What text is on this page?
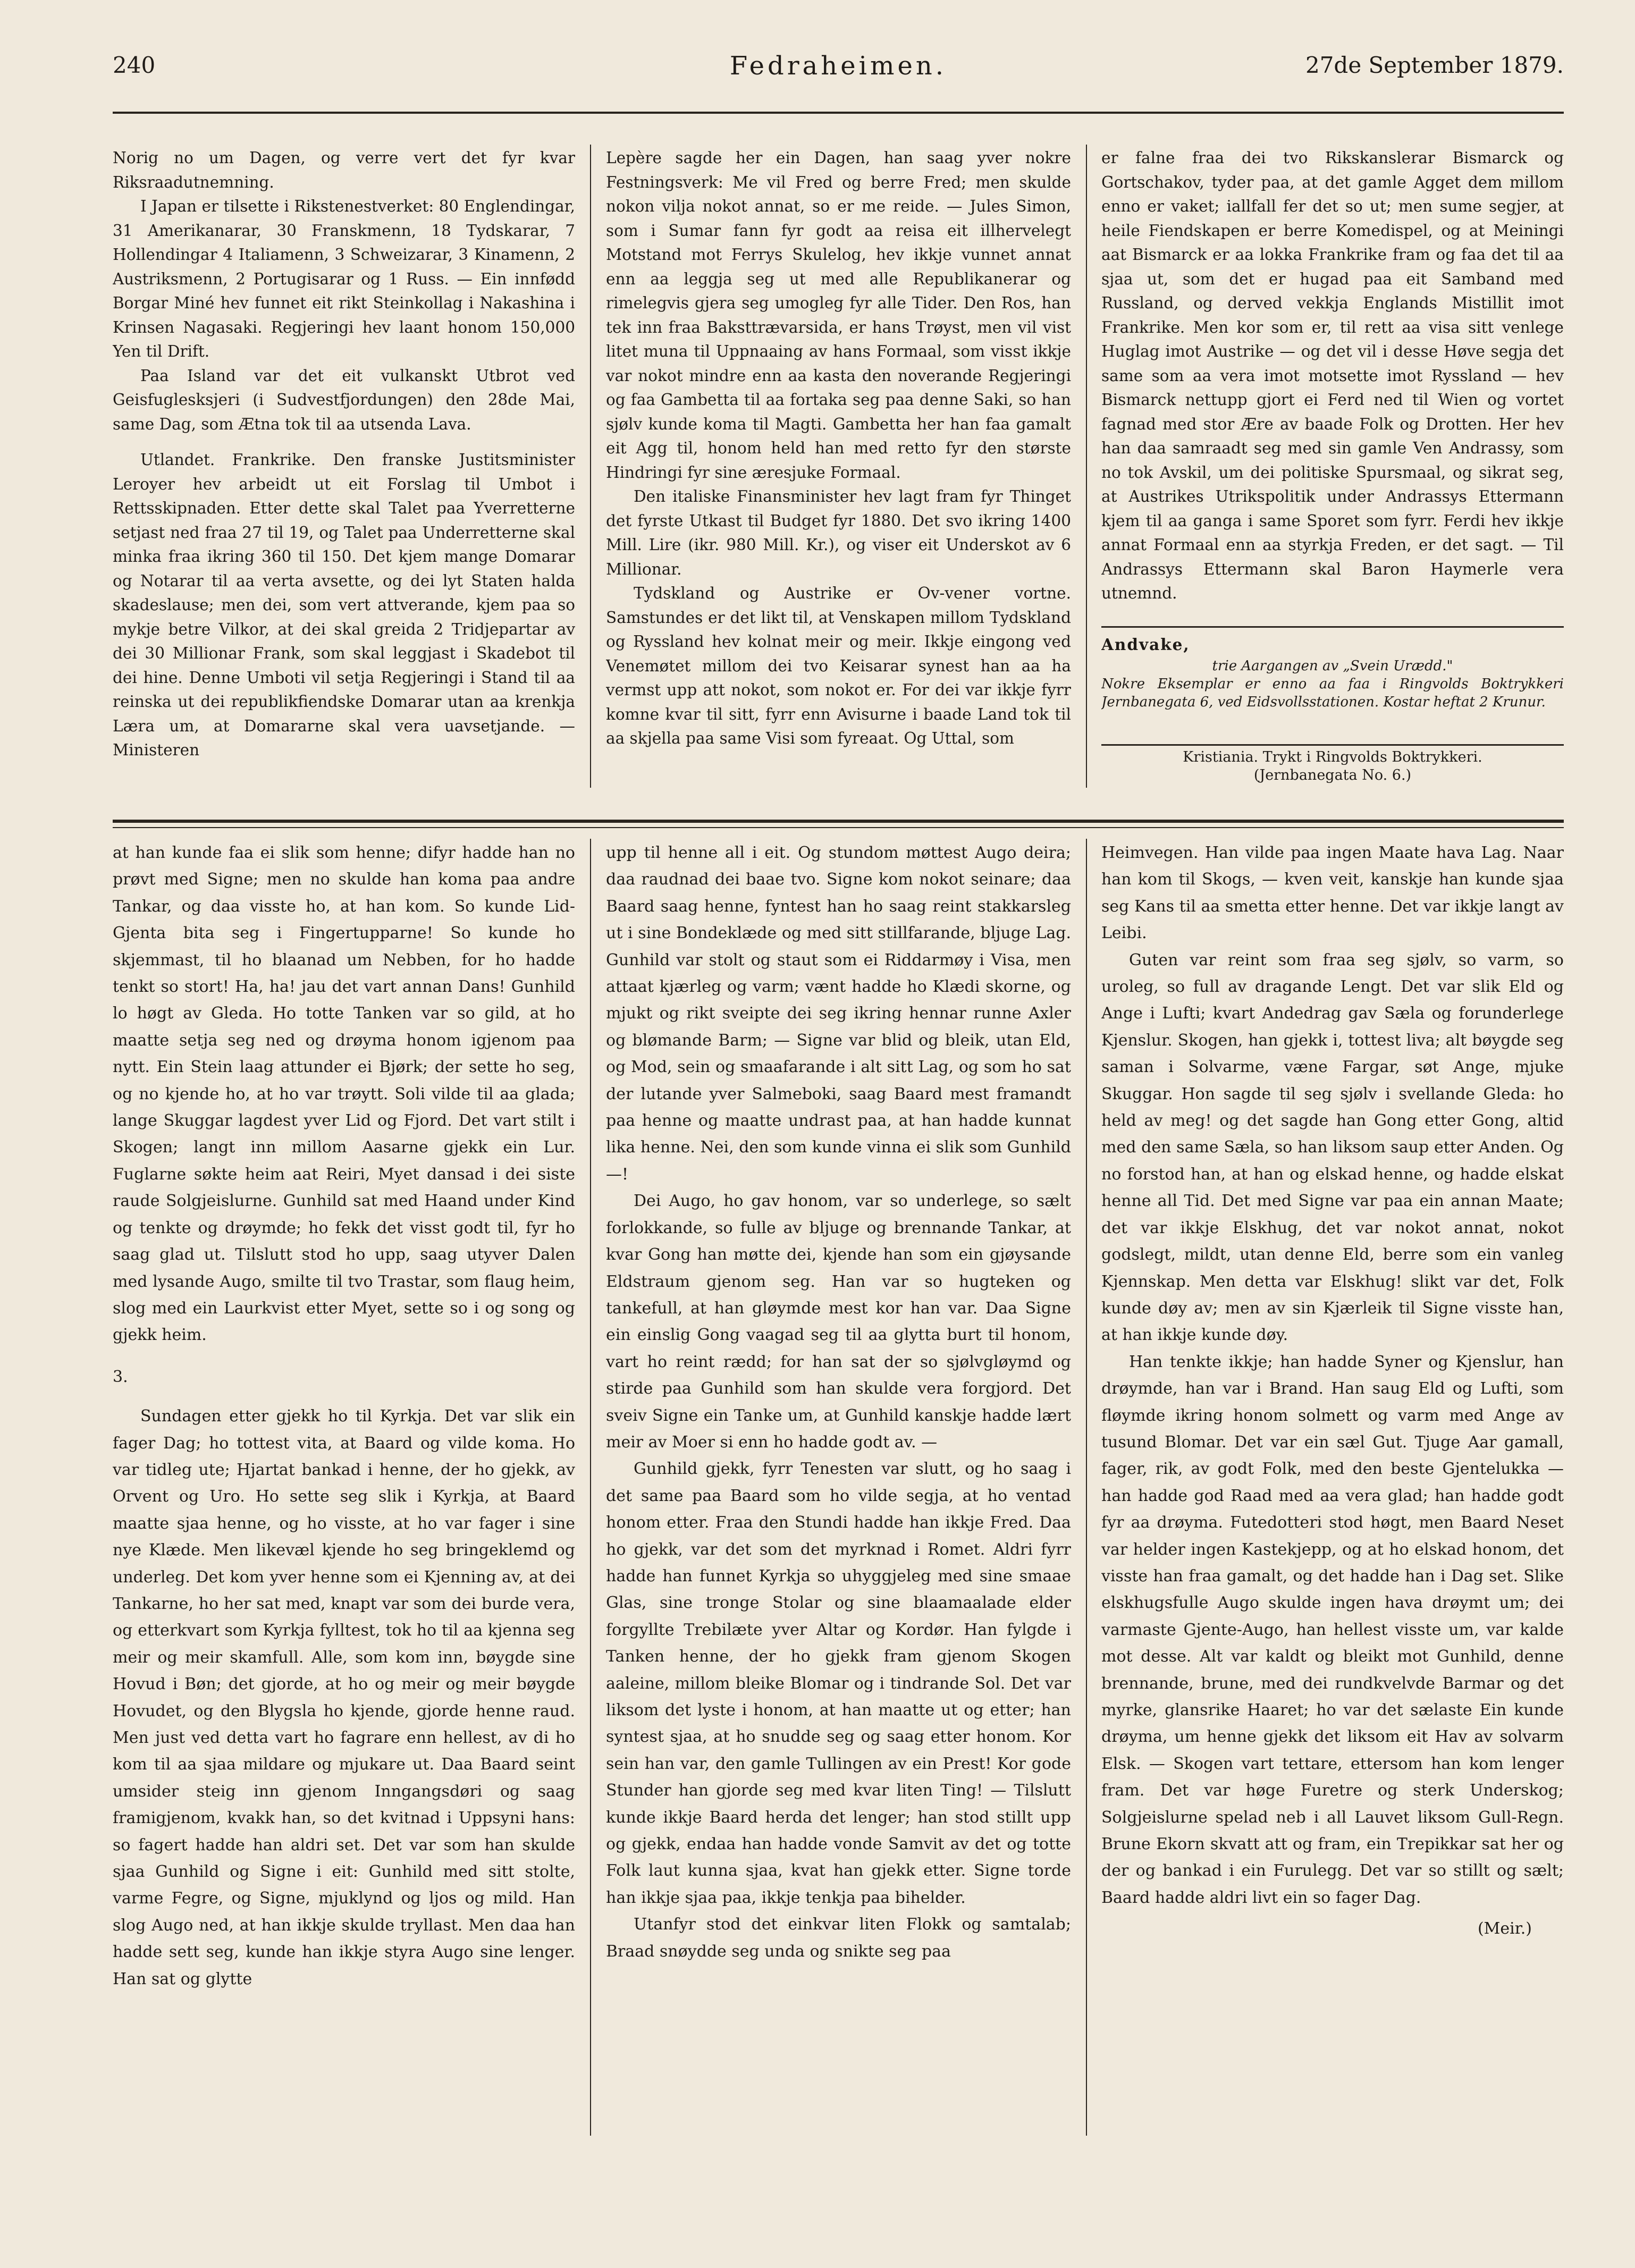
240	Fedraheimen.	27de September 1879.

Norig no um Dagen, og verre vert det fyr kvar Riksraadutnemning.

I Japan er tilsette i Rikstenestverket: 80 Englendingar, 31 Amerikanarar, 30 Franskmenn, 18 Tydskarar, 7 Hollendingar 4 Italiamenn, 3 Schweizarar, 3 Kinamenn, 2 Austriksmenn, 2 Portugisarar og 1 Russ. — Ein innfødd Borgar Miné hev funnet eit rikt Steinkollag i Nakashina i Krinsen Nagasaki. Regjeringi hev laant honom 150,000 Yen til Drift.

Paa Island var det eit vulkanskt Utbrot ved Geisfuglesksjeri (i Sudvestfjordungen) den 28de Mai, same Dag, som Ætna tok til aa utsenda Lava.

Utlandet. Frankrike. Den franske Justitsminister Leroyer hev arbeidt ut eit Forslag til Umbot i Rettsskipnaden. Etter dette skal Talet paa Yverretterne setjast ned fraa 27 til 19, og Talet paa Underretterne skal minka fraa ikring 360 til 150. Det kjem mange Domarar og Notarar til aa verta avsette, og dei lyt Staten halda skadeslause; men dei, som vert attverande, kjem paa so mykje betre Vilkor, at dei skal greida 2 Tridjepartar av dei 30 Millionar Frank, som skal leggjast i Skadebot til dei hine. Denne Umboti vil setja Regjeringi i Stand til aa reinska ut dei republikfiendske Domarar utan aa krenkja Læra um, at Domararne skal vera uavsetjande. — Ministeren

Lepère sagde her ein Dagen, han saag yver nokre Festningsverk: Me vil Fred og berre Fred; men skulde nokon vilja nokot annat, so er me reide. — Jules Simon, som i Sumar fann fyr godt aa reisa eit illhervelegt Motstand mot Ferrys Skulelog, hev ikkje vunnet annat enn aa leggja seg ut med alle Republikanerar og rimelegvis gjera seg umogleg fyr alle Tider. Den Ros, han tek inn fraa Baksttrævarsida, er hans Trøyst, men vil vist litet muna til Uppnaaing av hans Formaal, som visst ikkje var nokot mindre enn aa kasta den noverande Regjeringi og faa Gambetta til aa fortaka seg paa denne Saki, so han sjølv kunde koma til Magti. Gambetta her han faa gamalt eit Agg til, honom held han med retto fyr den største Hindringi fyr sine æresjuke Formaal.

Den italiske Finansminister hev lagt fram fyr Thinget det fyrste Utkast til Budget fyr 1880. Det svo ikring 1400 Mill. Lire (ikr. 980 Mill. Kr.), og viser eit Underskot av 6 Millionar.

Tydskland og Austrike er Ov-vener vortne. Samstundes er det likt til, at Venskapen millom Tydskland og Ryssland hev kolnat meir og meir. Ikkje eingong ved Venemøtet millom dei tvo Keisarar synest han aa ha vermst upp att nokot, som nokot er. For dei var ikkje fyrr komne kvar til sitt, fyrr enn Avisurne i baade Land tok til aa skjella paa same Visi som fyreaat. Og Uttal, som

er falne fraa dei tvo Rikskanslerar Bismarck og Gortschakov, tyder paa, at det gamle Agget dem millom enno er vaket; iallfall fer det so ut; men sume segjer, at heile Fiendskapen er berre Komedispel, og at Meiningi aat Bismarck er aa lokka Frankrike fram og faa det til aa sjaa ut, som det er hugad paa eit Samband med Russland, og derved vekkja Englands Mistillit imot Frankrike. Men kor som er, til rett aa visa sitt venlege Huglag imot Austrike — og det vil i desse Høve segja det same som aa vera imot motsette imot Ryssland — hev Bismarck nettupp gjort ei Ferd ned til Wien og vortet fagnad med stor Ære av baade Folk og Drotten. Her hev han daa samraadt seg med sin gamle Ven Andrassy, som no tok Avskil, um dei politiske Spursmaal, og sikrat seg, at Austrikes Utrikspolitik under Andrassys Ettermann kjem til aa ganga i same Sporet som fyrr. Ferdi hev ikkje annat Formaal enn aa styrkja Freden, er det sagt. — Til Andrassys Ettermann skal Baron Haymerle vera utnemnd.

Andvake,

trie Aargangen av „Svein Urædd."

Nokre Eksemplar er enno aa faa i Ringvolds Boktrykkeri Jernbanegata 6, ved Eidsvollsstationen. Kostar heftat 2 Krunur.

Kristiania. Trykt i Ringvolds Boktrykkeri.

(Jernbanegata No. 6.)

at han kunde faa ei slik som henne; difyr hadde han no prøvt med Signe; men no skulde han koma paa andre Tankar, og daa visste ho, at han kom. So kunde Lid-Gjenta bita seg i Fingertupparne! So kunde ho skjemmast, til ho blaanad um Nebben, for ho hadde tenkt so stort! Ha, ha! jau det vart annan Dans! Gunhild lo høgt av Gleda. Ho totte Tanken var so gild, at ho maatte setja seg ned og drøyma honom igjenom paa nytt. Ein Stein laag attunder ei Bjørk; der sette ho seg, og no kjende ho, at ho var trøytt. Soli vilde til aa glada; lange Skuggar lagdest yver Lid og Fjord. Det vart stilt i Skogen; langt inn millom Aasarne gjekk ein Lur. Fuglarne søkte heim aat Reiri, Myet dansad i dei siste raude Solgjeislurne. Gunhild sat med Haand under Kind og tenkte og drøymde; ho fekk det visst godt til, fyr ho saag glad ut. Tilslutt stod ho upp, saag utyver Dalen med lysande Augo, smilte til tvo Trastar, som flaug heim, slog med ein Laurkvist etter Myet, sette so i og song og gjekk heim.

3.

Sundagen etter gjekk ho til Kyrkja. Det var slik ein fager Dag; ho tottest vita, at Baard og vilde koma. Ho var tidleg ute; Hjartat bankad i henne, der ho gjekk, av Orvent og Uro. Ho sette seg slik i Kyrkja, at Baard maatte sjaa henne, og ho visste, at ho var fager i sine nye Klæde. Men likevæl kjende ho seg bringeklemd og underleg. Det kom yver henne som ei Kjenning av, at dei Tankarne, ho her sat med, knapt var som dei burde vera, og etterkvart som Kyrkja fylltest, tok ho til aa kjenna seg meir og meir skamfull. Alle, som kom inn, bøygde sine Hovud i Bøn; det gjorde, at ho og meir og meir bøygde Hovudet, og den Blygsla ho kjende, gjorde henne raud. Men just ved detta vart ho fagrare enn hellest, av di ho kom til aa sjaa mildare og mjukare ut. Daa Baard seint umsider steig inn gjenom Inngangsdøri og saag framigjenom, kvakk han, so det kvitnad i Uppsyni hans: so fagert hadde han aldri set. Det var som han skulde sjaa Gunhild og Signe i eit: Gunhild med sitt stolte, varme Fegre, og Signe, mjuklynd og ljos og mild. Han slog Augo ned, at han ikkje skulde tryllast. Men daa han hadde sett seg, kunde han ikkje styra Augo sine lenger. Han sat og glytte

upp til henne all i eit. Og stundom møttest Augo deira; daa raudnad dei baae tvo. Signe kom nokot seinare; daa Baard saag henne, fyntest han ho saag reint stakkarsleg ut i sine Bondeklæde og med sitt stillfarande, bljuge Lag. Gunhild var stolt og staut som ei Riddarmøy i Visa, men attaat kjærleg og varm; vænt hadde ho Klædi skorne, og mjukt og rikt sveipte dei seg ikring hennar runne Axler og blømande Barm; — Signe var blid og bleik, utan Eld, og Mod, sein og smaafarande i alt sitt Lag, og som ho sat der lutande yver Salmeboki, saag Baard mest framandt paa henne og maatte undrast paa, at han hadde kunnat lika henne. Nei, den som kunde vinna ei slik som Gunhild —!

Dei Augo, ho gav honom, var so underlege, so sælt forlokkande, so fulle av bljuge og brennande Tankar, at kvar Gong han møtte dei, kjende han som ein gjøysande Eldstraum gjenom seg. Han var so hugteken og tankefull, at han gløymde mest kor han var. Daa Signe ein einslig Gong vaagad seg til aa glytta burt til honom, vart ho reint rædd; for han sat der so sjølvgløymd og stirde paa Gunhild som han skulde vera forgjord. Det sveiv Signe ein Tanke um, at Gunhild kanskje hadde lært meir av Moer si enn ho hadde godt av. —

Gunhild gjekk, fyrr Tenesten var slutt, og ho saag i det same paa Baard som ho vilde segja, at ho ventad honom etter. Fraa den Stundi hadde han ikkje Fred. Daa ho gjekk, var det som det myrknad i Romet. Aldri fyrr hadde han funnet Kyrkja so uhyggjeleg med sine smaae Glas, sine tronge Stolar og sine blaamaalade elder forgyllte Trebilæte yver Altar og Kordør. Han fylgde i Tanken henne, der ho gjekk fram gjenom Skogen aaleine, millom bleike Blomar og i tindrande Sol. Det var liksom det lyste i honom, at han maatte ut og etter; han syntest sjaa, at ho snudde seg og saag etter honom. Kor sein han var, den gamle Tullingen av ein Prest! Kor gode Stunder han gjorde seg med kvar liten Ting! — Tilslutt kunde ikkje Baard herda det lenger; han stod stillt upp og gjekk, endaa han hadde vonde Samvit av det og totte Folk laut kunna sjaa, kvat han gjekk etter. Signe torde han ikkje sjaa paa, ikkje tenkja paa bihelder.

Utanfyr stod det einkvar liten Flokk og samtalab; Braad snøydde seg unda og snikte seg paa

Heimvegen. Han vilde paa ingen Maate hava Lag. Naar han kom til Skogs, — kven veit, kanskje han kunde sjaa seg Kans til aa smetta etter henne. Det var ikkje langt av Leibi.

Guten var reint som fraa seg sjølv, so varm, so uroleg, so full av dragande Lengt. Det var slik Eld og Ange i Lufti; kvart Andedrag gav Sæla og forunderlege Kjenslur. Skogen, han gjekk i, tottest liva; alt bøygde seg saman i Solvarme, væne Fargar, søt Ange, mjuke Skuggar. Hon sagde til seg sjølv i svellande Gleda: ho held av meg! og det sagde han Gong etter Gong, altid med den same Sæla, so han liksom saup etter Anden. Og no forstod han, at han og elskad henne, og hadde elskat henne all Tid. Det med Signe var paa ein annan Maate; det var ikkje Elskhug, det var nokot annat, nokot godslegt, mildt, utan denne Eld, berre som ein vanleg Kjennskap. Men detta var Elskhug! slikt var det, Folk kunde døy av; men av sin Kjærleik til Signe visste han, at han ikkje kunde døy.

Han tenkte ikkje; han hadde Syner og Kjenslur, han drøymde, han var i Brand. Han saug Eld og Lufti, som fløymde ikring honom solmett og varm med Ange av tusund Blomar. Det var ein sæl Gut. Tjuge Aar gamall, fager, rik, av godt Folk, med den beste Gjentelukka — han hadde god Raad med aa vera glad; han hadde godt fyr aa drøyma. Futedotteri stod høgt, men Baard Neset var helder ingen Kastekjepp, og at ho elskad honom, det visste han fraa gamalt, og det hadde han i Dag set. Slike elskhugsfulle Augo skulde ingen hava drøymt um; dei varmaste Gjente-Augo, han hellest visste um, var kalde mot desse. Alt var kaldt og bleikt mot Gunhild, denne brennande, brune, med dei rundkvelvde Barmar og det myrke, glansrike Haaret; ho var det sælaste Ein kunde drøyma, um henne gjekk det liksom eit Hav av solvarm Elsk. — Skogen vart tettare, ettersom han kom lenger fram. Det var høge Furetre og sterk Underskog; Solgjeislurne spelad neb i all Lauvet liksom Gull-Regn. Brune Ekorn skvatt att og fram, ein Trepikkar sat her og der og bankad i ein Furulegg. Det var so stillt og sælt; Baard hadde aldri livt ein so fager Dag.

(Meir.)
